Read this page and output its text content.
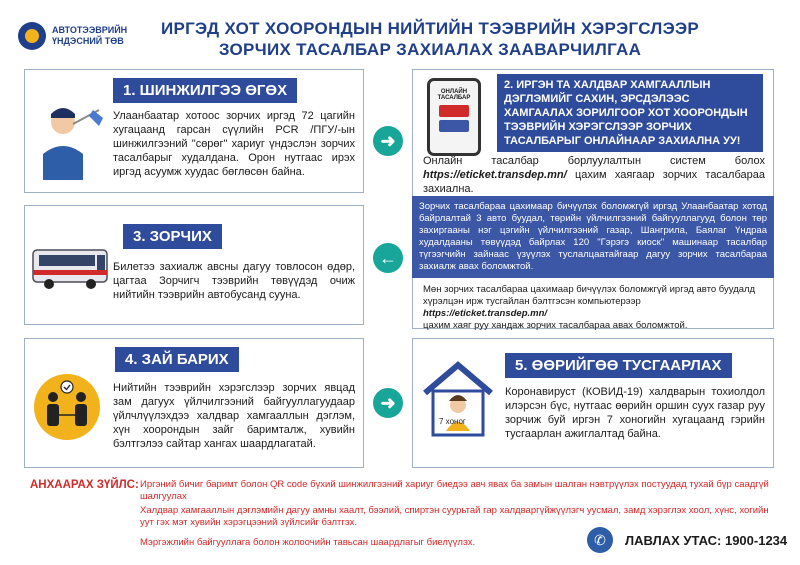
АВТОТЭЭВРИЙН
ҮНДЭСНИЙ ТӨВ
ИРГЭД ХОТ ХООРОНДЫН НИЙТИЙН ТЭЭВРИЙН ХЭРЭГСЛЭЭР
ЗОРЧИХ ТАСАЛБАР ЗАХИАЛАХ ЗААВАРЧИЛГАА
1. ШИНЖИЛГЭЭ ӨГӨХ
Улаанбаатар хотоос зорчих иргэд 72 цагийн хугацаанд гарсан сүүлийн PCR /ПГУ/-ын шинжилгээний "сөрөг" хариуг үндэслэн зорчих тасалбарыг худалдана. Орон нутгаас ирэх иргэд асуумж хуудас бөглөсөн байна.
ОНЛАЙН
ТАСАЛБАР
2. ИРГЭН ТА ХАЛДВАР ХАМГААЛЛЫН ДЭГЛЭМИЙГ САХИН, ЭРСДЭЛЭЭС ХАМГААЛАХ ЗОРИЛГООР ХОТ ХООРОНДЫН ТЭЭВРИЙН ХЭРЭГСЛЭЭР ЗОРЧИХ ТАСАЛБАРЫГ ОНЛАЙНААР ЗАХИАЛНА УУ!
Онлайн тасалбар борлуулалтын систем болох https://eticket.transdep.mn/ цахим хаягаар зорчих тасалбараа захиална.
Зорчих тасалбараа цахимаар бичүүлэх боломжгүй иргэд Улаанбаатар хотод байрлалтай 3 авто буудал, төрийн үйлчилгээний байгууллагууд болон төр захиргааны нэг цэгийн үйлчилгээний газар, Шангрила, Баялаг Үндраа худалдааны төвүүдэд байрлах 120 "Гэрэгэ киоск" машинаар тасалбар түгээгчийн зайнаас үзүүлэх туслалцаатайгаар дагуу зорчих тасалбараа захиалж авах боломжтой.
Мөн зорчих тасалбараа цахимаар бичүүлэх боломжгүй иргэд авто буудалд хүрэлцэн ирж тусгайлан бэлтгэсэн компьютерээр
https://eticket.transdep.mn/
цахим хаяг руу хандаж зорчих тасалбараа авах боломжтой.
3. ЗОРЧИХ
Билетээ захиалж авсны дагуу товлосон өдөр, цагтаа Зорчигч тээврийн төвүүдэд очиж нийтийн тээврийн автобусанд сууна.
4. ЗАЙ БАРИХ
Нийтийн тээврийн хэрэгслээр зорчих явцад зам дагуух үйлчилгээний байгууллагуудаар үйлчлүүлэхдээ халдвар хамгааллын дэглэм, хүн хоорондын зайг баримталж, хувийн бэлтгэлээ сайтар хангах шаардлагатай.
7 хоног
5. ӨӨРИЙГӨӨ ТУСГААРЛАХ
Коронавируст (КОВИД-19) халдварын тохиолдол илэрсэн бүс, нутгаас өөрийн оршин суух газар руу зорчиж буй иргэн 7 хоногийн хугацаанд гэрийн тусгаарлан ажиглалтад байна.
➜
←
➜
АНХААРАХ ЗҮЙЛС: Иргэний бичиг баримт болон QR code бүхий шинжилгээний хариуг биедээ авч явах ба замын шалган нэвтрүүлэх постуудад тухай бүр саадгүй шалгуулах
Халдвар хамгааллын дэглэмийн дагуу амны хаалт, бээлий, спиртэн суурьтай гар халдваргүйжүүлэгч уусмал, замд хэрэглэх хоол, хүнс, хогийн уут гэх мэт хувийн хэрэгцээний зүйлсийг бэлтгэх.
Мэргэжлийн байгууллага болон жолоочийн тавьсан шаардлагыг биелүүлэх.	✆	ЛАВЛАХ УТАС: 1900-1234
